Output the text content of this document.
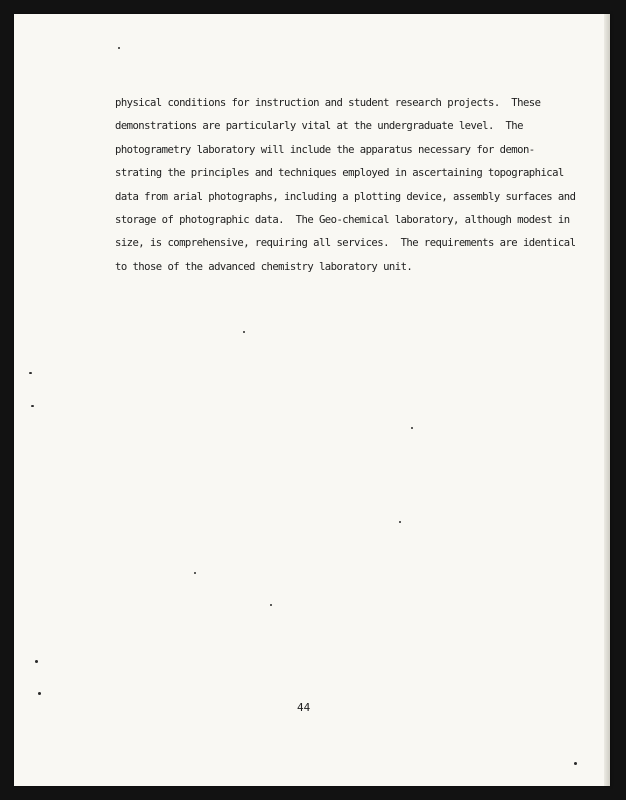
physical conditions for instruction and student research projects.  These
demonstrations are particularly vital at the undergraduate level.  The
photogrametry laboratory will include the apparatus necessary for demon-
strating the principles and techniques employed in ascertaining topographical
data from arial photographs, including a plotting device, assembly surfaces and
storage of photographic data.  The Geo-chemical laboratory, although modest in
size, is comprehensive, requiring all services.  The requirements are identical
to those of the advanced chemistry laboratory unit.

44
